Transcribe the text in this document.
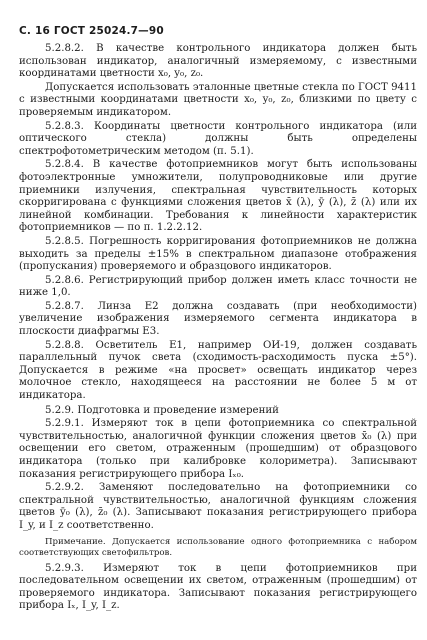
С. 16 ГОСТ 25024.7—90

5.2.8.2. В качестве контрольного индикатора должен быть использован индикатор, аналогичный измеряемому, с известными координатами цветности x₀, y₀, z₀.

Допускается использовать эталонные цветные стекла по ГОСТ 9411 с известными координатами цветности x₀, y₀, z₀, близкими по цвету с проверяемым индикатором.

5.2.8.3. Координаты цветности контрольного индикатора (или оптического стекла) должны быть определены спектрофотометрическим методом (п. 5.1).

5.2.8.4. В качестве фотоприемников могут быть использованы фотоэлектронные умножители, полупроводниковые или другие приемники излучения, спектральная чувствительность которых скорригирована с функциями сложения цветов x̄ (λ), ȳ (λ), z̄ (λ) или их линейной комбинации. Требования к линейности характеристик фотоприемников — по п. 1.2.2.12.

5.2.8.5. Погрешность корригирования фотоприемников не должна выходить за пределы ±15% в спектральном диапазоне отображения (пропускания) проверяемого и образцового индикаторов.

5.2.8.6. Регистрирующий прибор должен иметь класс точности не ниже 1,0.

5.2.8.7. Линза Е2 должна создавать (при необходимости) увеличение изображения измеряемого сегмента индикатора в плоскости диафрагмы Е3.

5.2.8.8. Осветитель Е1, например ОИ-19, должен создавать параллельный пучок света (сходимость-расходимость пуска ±5°). Допускается в режиме «на просвет» освещать индикатор через молочное стекло, находящееся на расстоянии не более 5 м от индикатора.

5.2.9. Подготовка и проведение измерений

5.2.9.1. Измеряют ток в цепи фотоприемника со спектральной чувствительностью, аналогичной функции сложения цветов x̄₀ (λ) при освещении его светом, отраженным (прошедшим) от образцового индикатора (только при калибровке колориметра). Записывают показания регистрирующего прибора Iₓ₀.

5.2.9.2. Заменяют последовательно на фотоприемники со спектральной чувствительностью, аналогичной функциям сложения цветов ȳ₀ (λ), z̄₀ (λ). Записывают показания регистрирующего прибора I_y, и I_z соответственно.

Примечание. Допускается использование одного фотоприемника с набором соответствующих светофильтров.

5.2.9.3. Измеряют ток в цепи фотоприемников при последовательном освещении их светом, отраженным (прошедшим) от проверяемого индикатора. Записывают показания регистрирующего прибора Iₓ, I_y, I_z.
